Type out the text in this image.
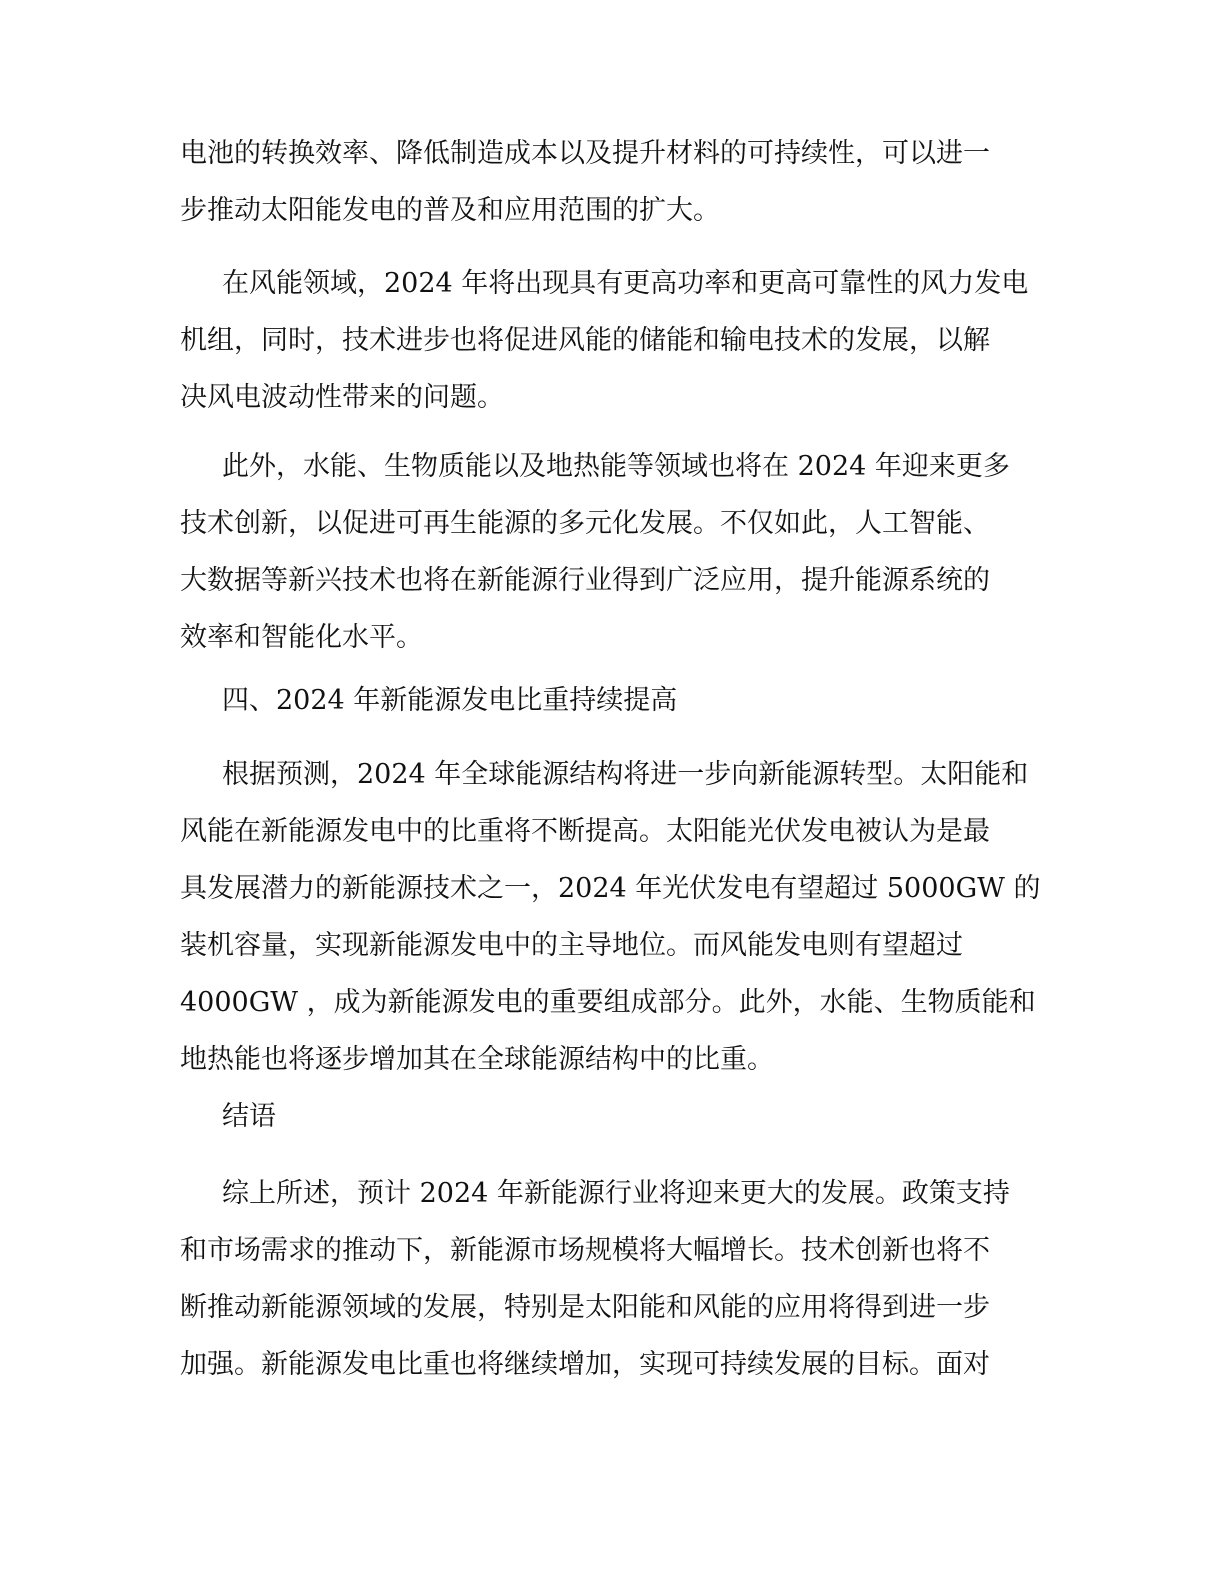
电池的转换效率、降低制造成本以及提升材料的可持续性，可以进一
步推动太阳能发电的普及和应用范围的扩大。
在风能领域，2024 年将出现具有更高功率和更高可靠性的风力发电
机组，同时，技术进步也将促进风能的储能和输电技术的发展，以解
决风电波动性带来的问题。
此外，水能、生物质能以及地热能等领域也将在 2024 年迎来更多
技术创新，以促进可再生能源的多元化发展。不仅如此，人工智能、
大数据等新兴技术也将在新能源行业得到广泛应用，提升能源系统的
效率和智能化水平。
四、2024 年新能源发电比重持续提高
根据预测，2024 年全球能源结构将进一步向新能源转型。太阳能和
风能在新能源发电中的比重将不断提高。太阳能光伏发电被认为是最
具发展潜力的新能源技术之一，2024 年光伏发电有望超过 5000GW 的
装机容量，实现新能源发电中的主导地位。而风能发电则有望超过
4000GW ，成为新能源发电的重要组成部分。此外，水能、生物质能和
地热能也将逐步增加其在全球能源结构中的比重。
结语
综上所述，预计 2024 年新能源行业将迎来更大的发展。政策支持
和市场需求的推动下，新能源市场规模将大幅增长。技术创新也将不
断推动新能源领域的发展，特别是太阳能和风能的应用将得到进一步
加强。新能源发电比重也将继续增加，实现可持续发展的目标。面对
